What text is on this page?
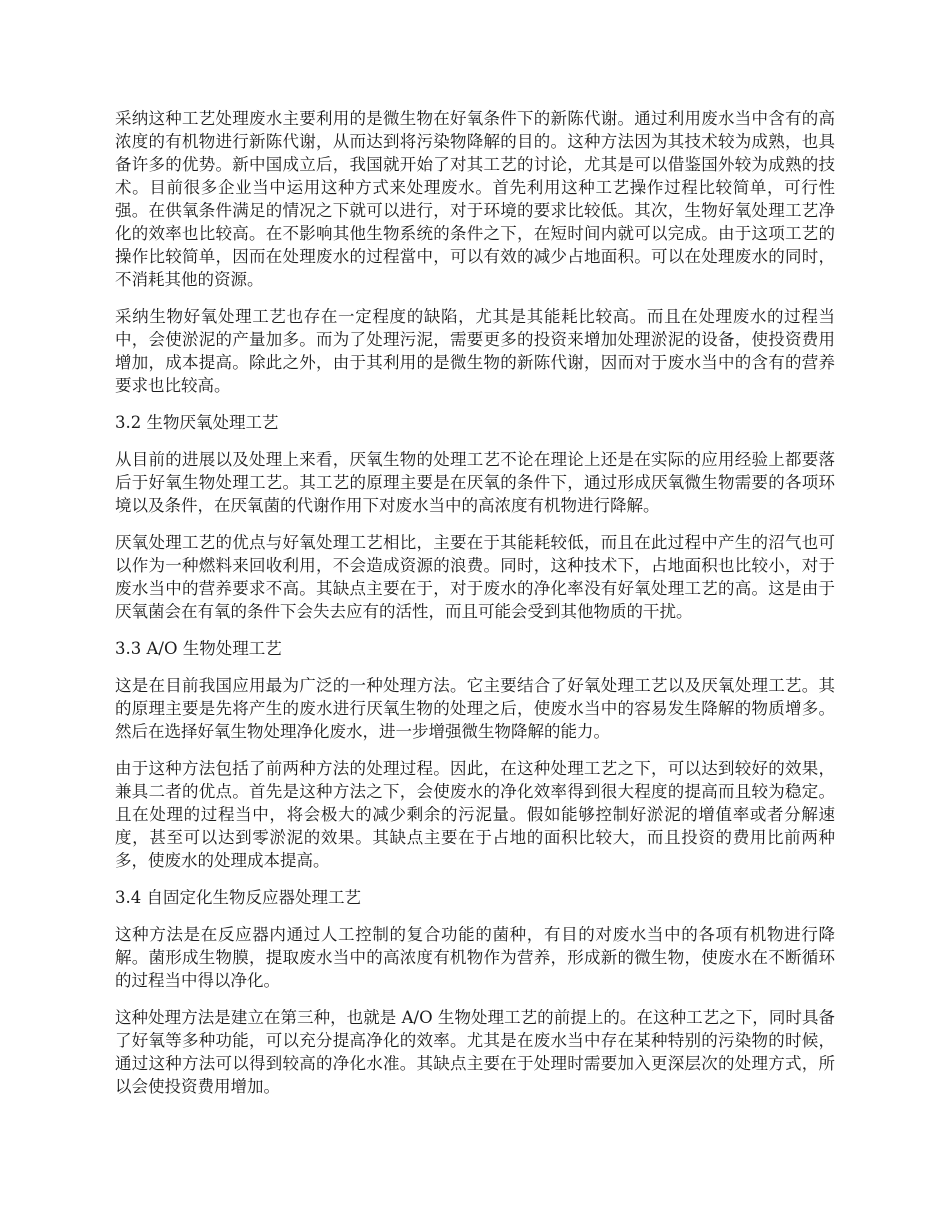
采纳这种工艺处理废水主要利用的是微生物在好氧条件下的新陈代谢。通过利用废水当中含有的高浓度的有机物进行新陈代谢，从而达到将污染物降解的目的。这种方法因为其技术较为成熟，也具备许多的优势。新中国成立后，我国就开始了对其工艺的讨论，尤其是可以借鉴国外较为成熟的技术。目前很多企业当中运用这种方式来处理废水。首先利用这种工艺操作过程比较简单，可行性强。在供氧条件满足的情况之下就可以进行，对于环境的要求比较低。其次，生物好氧处理工艺净化的效率也比较高。在不影响其他生物系统的条件之下，在短时间内就可以完成。由于这项工艺的操作比较简单，因而在处理废水的过程當中，可以有效的减少占地面积。可以在处理废水的同时，不消耗其他的资源。

采纳生物好氧处理工艺也存在一定程度的缺陷，尤其是其能耗比较高。而且在处理废水的过程当中，会使淤泥的产量加多。而为了处理污泥，需要更多的投资来增加处理淤泥的设备，使投资费用增加，成本提高。除此之外，由于其利用的是微生物的新陈代谢，因而对于废水当中的含有的营养要求也比较高。

3.2 生物厌氧处理工艺

从目前的进展以及处理上来看，厌氧生物的处理工艺不论在理论上还是在实际的应用经验上都要落后于好氧生物处理工艺。其工艺的原理主要是在厌氧的条件下，通过形成厌氧微生物需要的各项环境以及条件，在厌氧菌的代谢作用下对废水当中的高浓度有机物进行降解。

厌氧处理工艺的优点与好氧处理工艺相比，主要在于其能耗较低，而且在此过程中产生的沼气也可以作为一种燃料来回收利用，不会造成资源的浪费。同时，这种技术下，占地面积也比较小，对于废水当中的营养要求不高。其缺点主要在于，对于废水的净化率没有好氧处理工艺的高。这是由于厌氧菌会在有氧的条件下会失去应有的活性，而且可能会受到其他物质的干扰。

3.3 A/O 生物处理工艺

这是在目前我国应用最为广泛的一种处理方法。它主要结合了好氧处理工艺以及厌氧处理工艺。其的原理主要是先将产生的废水进行厌氧生物的处理之后，使废水当中的容易发生降解的物质增多。然后在选择好氧生物处理净化废水，进一步增强微生物降解的能力。

由于这种方法包括了前两种方法的处理过程。因此，在这种处理工艺之下，可以达到较好的效果，兼具二者的优点。首先是这种方法之下，会使废水的净化效率得到很大程度的提高而且较为稳定。且在处理的过程当中，将会极大的减少剩余的污泥量。假如能够控制好淤泥的增值率或者分解速度，甚至可以达到零淤泥的效果。其缺点主要在于占地的面积比较大，而且投资的费用比前两种多，使废水的处理成本提高。

3.4 自固定化生物反应器处理工艺

这种方法是在反应器内通过人工控制的复合功能的菌种，有目的对废水当中的各项有机物进行降解。菌形成生物膜，提取废水当中的高浓度有机物作为营养，形成新的微生物，使废水在不断循环的过程当中得以净化。

这种处理方法是建立在第三种，也就是 A/O 生物处理工艺的前提上的。在这种工艺之下，同时具备了好氧等多种功能，可以充分提高净化的效率。尤其是在废水当中存在某种特别的污染物的时候，通过这种方法可以得到较高的净化水准。其缺点主要在于处理时需要加入更深层次的处理方式，所以会使投资费用增加。
